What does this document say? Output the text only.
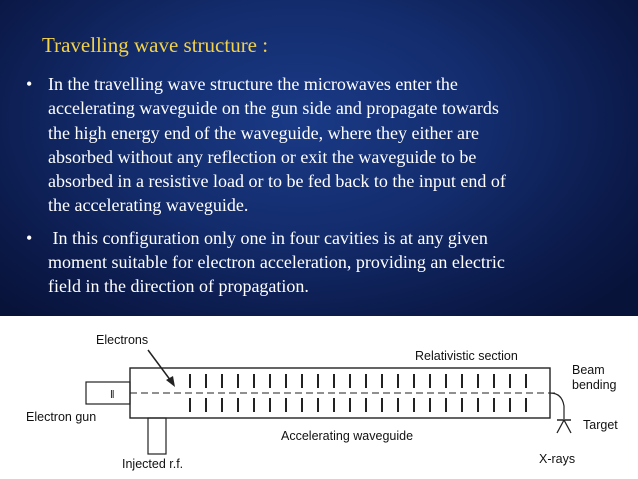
Travelling wave structure :
• In the travelling wave structure the microwaves enter the
accelerating waveguide on the gun side and propagate towards
the high energy end of the waveguide, where they either are
absorbed without any reflection or exit the waveguide to be
absorbed in a resistive load or to be fed back to the input end of
the accelerating waveguide.
• In this configuration only one in four cavities is at any given
moment suitable for electron acceleration, providing an electric
field in the direction of propagation.
ǁ
Electrons
Relativistic section
Beam
bending
Electron gun
Accelerating waveguide
Target
Injected r.f.	X-rays
